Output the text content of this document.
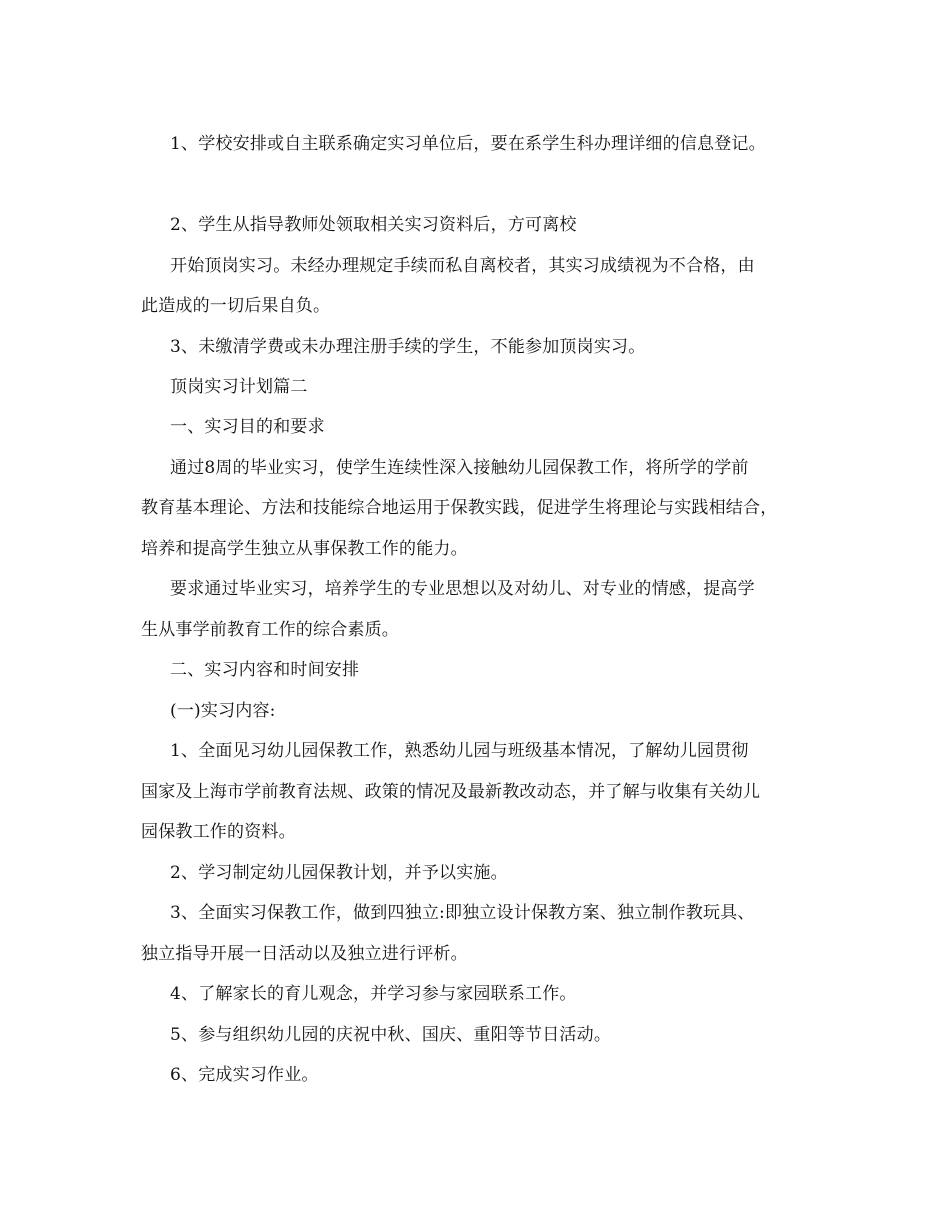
1、学校安排或自主联系确定实习单位后，要在系学生科办理详细的信息登记。
2、学生从指导教师处领取相关实习资料后，方可离校
开始顶岗实习。未经办理规定手续而私自离校者，其实习成绩视为不合格，由
此造成的一切后果自负。
3、未缴清学费或未办理注册手续的学生，不能参加顶岗实习。
顶岗实习计划篇二
一、实习目的和要求
通过8周的毕业实习，使学生连续性深入接触幼儿园保教工作，将所学的学前
教育基本理论、方法和技能综合地运用于保教实践，促进学生将理论与实践相结合，
培养和提高学生独立从事保教工作的能力。
要求通过毕业实习，培养学生的专业思想以及对幼儿、对专业的情感，提高学
生从事学前教育工作的综合素质。
二、实习内容和时间安排
(一)实习内容:
1、全面见习幼儿园保教工作，熟悉幼儿园与班级基本情况，了解幼儿园贯彻
国家及上海市学前教育法规、政策的情况及最新教改动态，并了解与收集有关幼儿
园保教工作的资料。
2、学习制定幼儿园保教计划，并予以实施。
3、全面实习保教工作，做到四独立:即独立设计保教方案、独立制作教玩具、
独立指导开展一日活动以及独立进行评析。
4、了解家长的育儿观念，并学习参与家园联系工作。
5、参与组织幼儿园的庆祝中秋、国庆、重阳等节日活动。
6、完成实习作业。
